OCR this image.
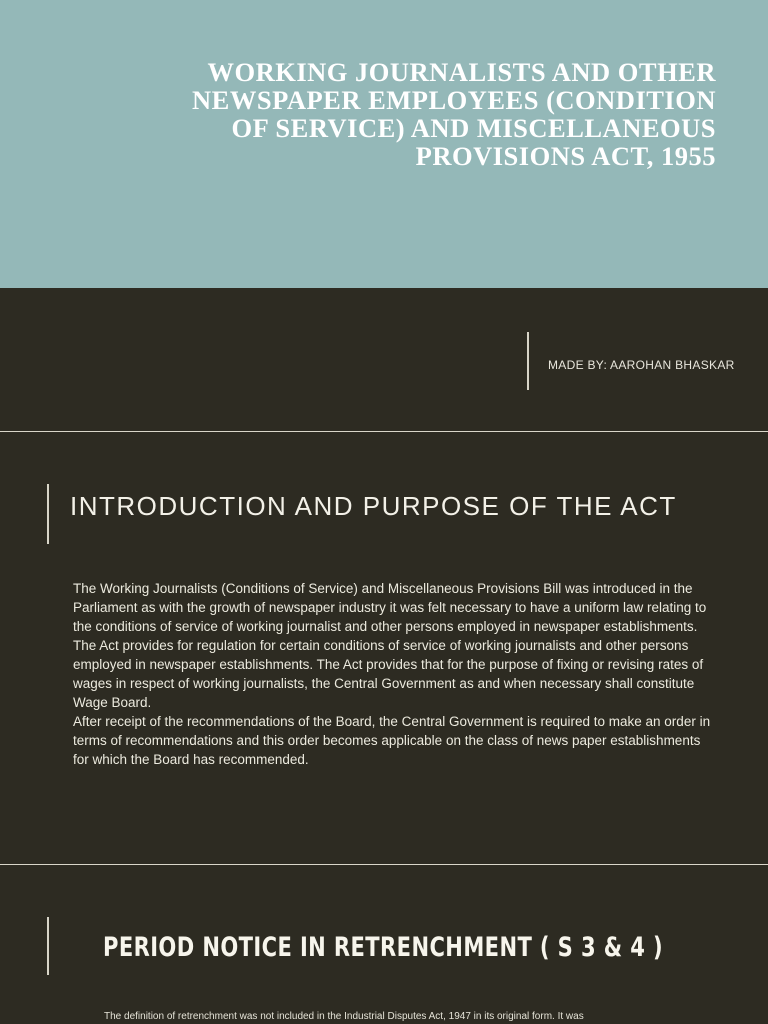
WORKING JOURNALISTS AND OTHER NEWSPAPER EMPLOYEES (CONDITION OF SERVICE) AND MISCELLANEOUS PROVISIONS ACT, 1955
MADE BY: AAROHAN BHASKAR
INTRODUCTION AND PURPOSE OF THE ACT

The Working Journalists (Conditions of Service) and Miscellaneous Provisions Bill was introduced in the Parliament as with the growth of newspaper industry it was felt necessary to have a uniform law relating to the conditions of service of working journalist and other persons employed in newspaper establishments. The Act provides for regulation for certain conditions of service of working journalists and other persons employed in newspaper establishments. The Act provides that for the purpose of fixing or revising rates of wages in respect of working journalists, the Central Government as and when necessary shall constitute Wage Board.

After receipt of the recommendations of the Board, the Central Government is required to make an order in terms of recommendations and this order becomes applicable on the class of news paper establishments for which the Board has recommended.

PERIOD NOTICE IN RETRENCHMENT ( S 3 & 4 )

The definition of retrenchment was not included in the Industrial Disputes Act, 1947 in its original form. It was
